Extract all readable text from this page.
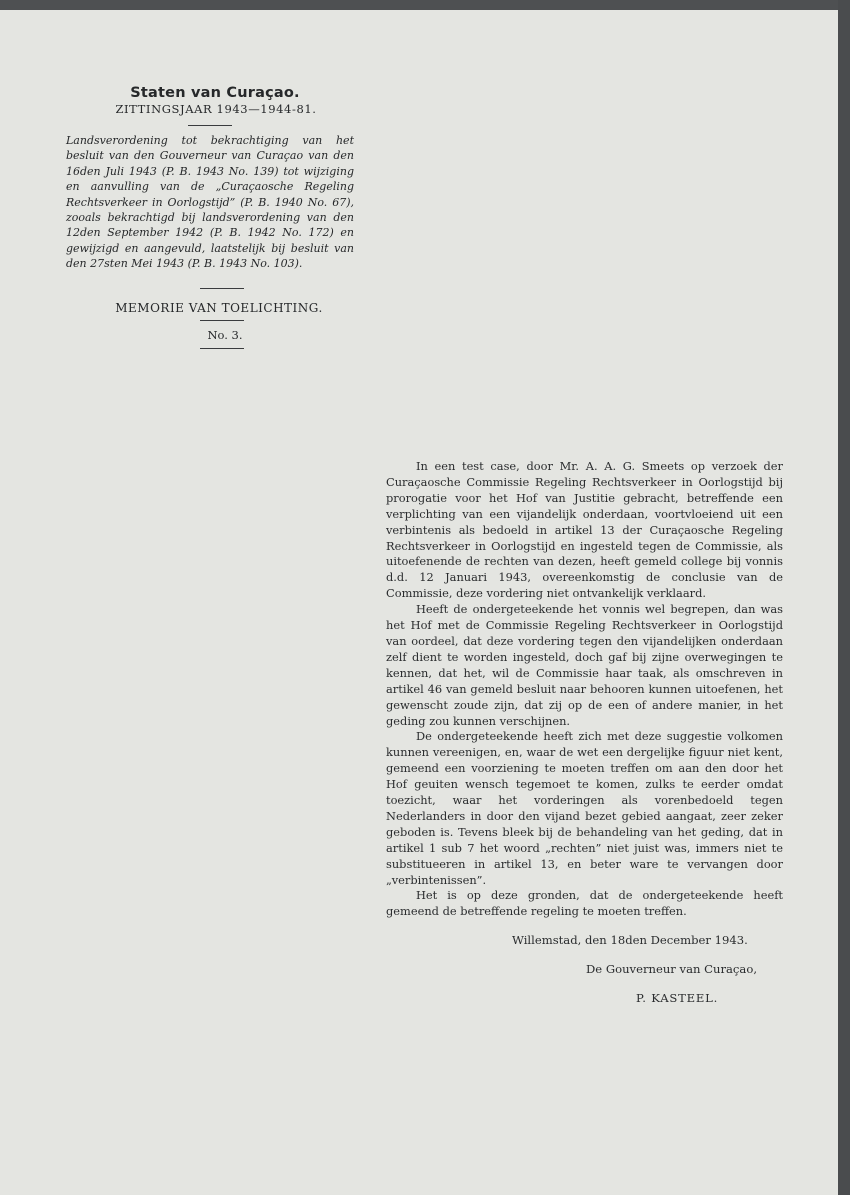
Staten van Curaçao.
ZITTINGSJAAR 1943—1944-81.
Landsverordening tot bekrachtiging van het besluit van den Gouverneur van Curaçao van den 16den Juli 1943 (P. B. 1943 No. 139) tot wijziging en aanvulling van de „Curaçaosche Regeling Rechtsverkeer in Oorlogstijd” (P. B. 1940 No. 67), zooals bekrachtigd bij landsverordening van den 12den September 1942 (P. B. 1942 No. 172) en gewijzigd en aangevuld, laatstelijk bij besluit van den 27sten Mei 1943 (P. B. 1943 No. 103).
MEMORIE VAN TOELICHTING.
No. 3.

In een test case, door Mr. A. A. G. Smeets op verzoek der Curaçaosche Commissie Regeling Rechtsverkeer in Oorlogstijd bij prorogatie voor het Hof van Justitie gebracht, betreffende een verplichting van een vijandelijk onderdaan, voortvloeiend uit een verbintenis als bedoeld in artikel 13 der Curaçaosche Regeling Rechtsverkeer in Oorlogstijd en ingesteld tegen de Commissie, als uitoefenende de rechten van dezen, heeft gemeld college bij vonnis d.d. 12 Januari 1943, overeenkomstig de conclusie van de Commissie, deze vordering niet ontvankelijk verklaard.

Heeft de ondergeteekende het vonnis wel begrepen, dan was het Hof met de Commissie Regeling Rechtsverkeer in Oorlogstijd van oordeel, dat deze vordering tegen den vijandelijken onderdaan zelf dient te worden ingesteld, doch gaf bij zijne overwegingen te kennen, dat het, wil de Commissie haar taak, als omschreven in artikel 46 van gemeld besluit naar behooren kunnen uitoefenen, het gewenscht zoude zijn, dat zij op de een of andere manier, in het geding zou kunnen verschijnen.

De ondergeteekende heeft zich met deze suggestie volkomen kunnen vereenigen, en, waar de wet een dergelijke figuur niet kent, gemeend een voorziening te moeten treffen om aan den door het Hof geuiten wensch tegemoet te komen, zulks te eerder omdat toezicht, waar het vorderingen als vorenbedoeld tegen Nederlanders in door den vijand bezet gebied aangaat, zeer zeker geboden is. Tevens bleek bij de behandeling van het geding, dat in artikel 1 sub 7 het woord „rechten” niet juist was, immers niet te substitueeren in artikel 13, en beter ware te vervangen door „verbintenissen”.

Het is op deze gronden, dat de ondergeteekende heeft gemeend de betreffende regeling te moeten treffen.

Willemstad, den 18den December 1943.
De Gouverneur van Curaçao,
P. KASTEEL.
